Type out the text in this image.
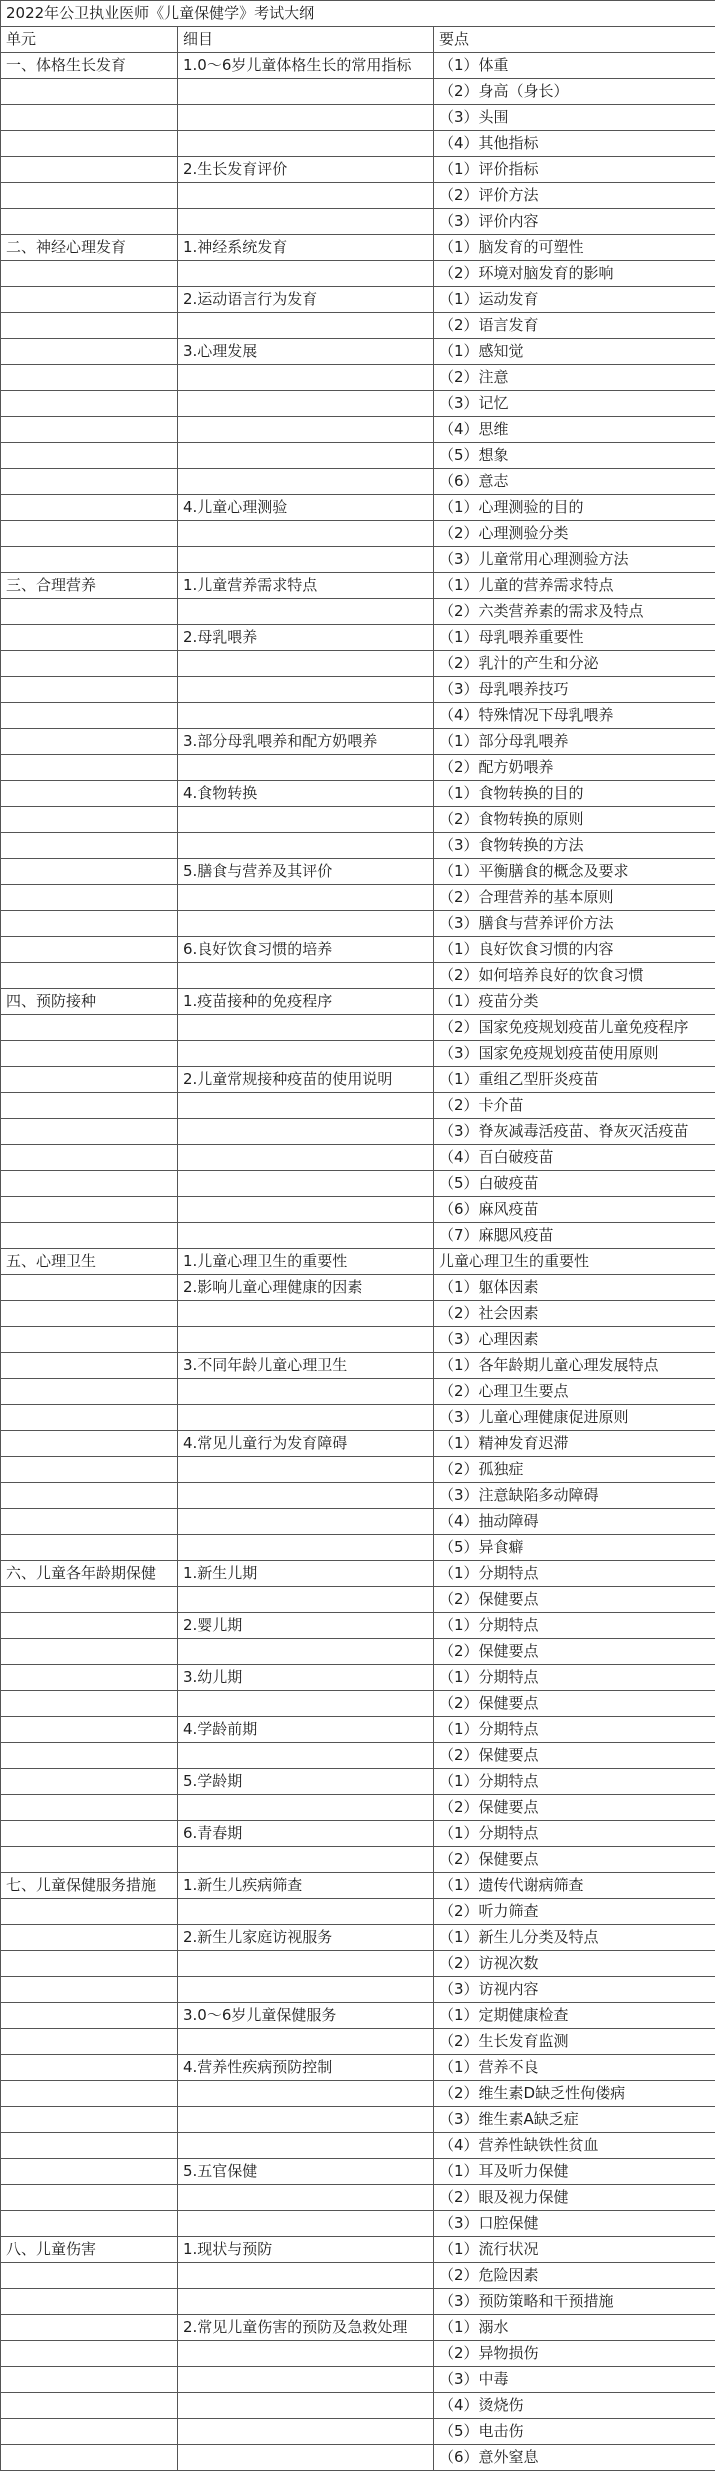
2022年公卫执业医师《儿童保健学》考试大纲		
单元	细目	要点
一、体格生长发育	1.0～6岁儿童体格生长的常用指标	（1）体重
		（2）身高（身长）
		（3）头围
		（4）其他指标
	2.生长发育评价	（1）评价指标
		（2）评价方法
		（3）评价内容
二、神经心理发育	1.神经系统发育	（1）脑发育的可塑性
		（2）环境对脑发育的影响
	2.运动语言行为发育	（1）运动发育
		（2）语言发育
	3.心理发展	（1）感知觉
		（2）注意
		（3）记忆
		（4）思维
		（5）想象
		（6）意志
	4.儿童心理测验	（1）心理测验的目的
		（2）心理测验分类
		（3）儿童常用心理测验方法
三、合理营养	1.儿童营养需求特点	（1）儿童的营养需求特点
		（2）六类营养素的需求及特点
	2.母乳喂养	（1）母乳喂养重要性
		（2）乳汁的产生和分泌
		（3）母乳喂养技巧
		（4）特殊情况下母乳喂养
	3.部分母乳喂养和配方奶喂养	（1）部分母乳喂养
		（2）配方奶喂养
	4.食物转换	（1）食物转换的目的
		（2）食物转换的原则
		（3）食物转换的方法
	5.膳食与营养及其评价	（1）平衡膳食的概念及要求
		（2）合理营养的基本原则
		（3）膳食与营养评价方法
	6.良好饮食习惯的培养	（1）良好饮食习惯的内容
		（2）如何培养良好的饮食习惯
四、预防接种	1.疫苗接种的免疫程序	（1）疫苗分类
		（2）国家免疫规划疫苗儿童免疫程序
		（3）国家免疫规划疫苗使用原则
	2.儿童常规接种疫苗的使用说明	（1）重组乙型肝炎疫苗
		（2）卡介苗
		（3）脊灰减毒活疫苗、脊灰灭活疫苗
		（4）百白破疫苗
		（5）白破疫苗
		（6）麻风疫苗
		（7）麻腮风疫苗
五、心理卫生	1.儿童心理卫生的重要性	儿童心理卫生的重要性
	2.影响儿童心理健康的因素	（1）躯体因素
		（2）社会因素
		（3）心理因素
	3.不同年龄儿童心理卫生	（1）各年龄期儿童心理发展特点
		（2）心理卫生要点
		（3）儿童心理健康促进原则
	4.常见儿童行为发育障碍	（1）精神发育迟滞
		（2）孤独症
		（3）注意缺陷多动障碍
		（4）抽动障碍
		（5）异食癖
六、儿童各年龄期保健	1.新生儿期	（1）分期特点
		（2）保健要点
	2.婴儿期	（1）分期特点
		（2）保健要点
	3.幼儿期	（1）分期特点
		（2）保健要点
	4.学龄前期	（1）分期特点
		（2）保健要点
	5.学龄期	（1）分期特点
		（2）保健要点
	6.青春期	（1）分期特点
		（2）保健要点
七、儿童保健服务措施	1.新生儿疾病筛查	（1）遗传代谢病筛查
		（2）听力筛查
	2.新生儿家庭访视服务	（1）新生儿分类及特点
		（2）访视次数
		（3）访视内容
	3.0～6岁儿童保健服务	（1）定期健康检查
		（2）生长发育监测
	4.营养性疾病预防控制	（1）营养不良
		（2）维生素D缺乏性佝偻病
		（3）维生素A缺乏症
		（4）营养性缺铁性贫血
	5.五官保健	（1）耳及听力保健
		（2）眼及视力保健
		（3）口腔保健
八、儿童伤害	1.现状与预防	（1）流行状况
		（2）危险因素
		（3）预防策略和干预措施
	2.常见儿童伤害的预防及急救处理	（1）溺水
		（2）异物损伤
		（3）中毒
		（4）烫烧伤
		（5）电击伤
		（6）意外窒息
